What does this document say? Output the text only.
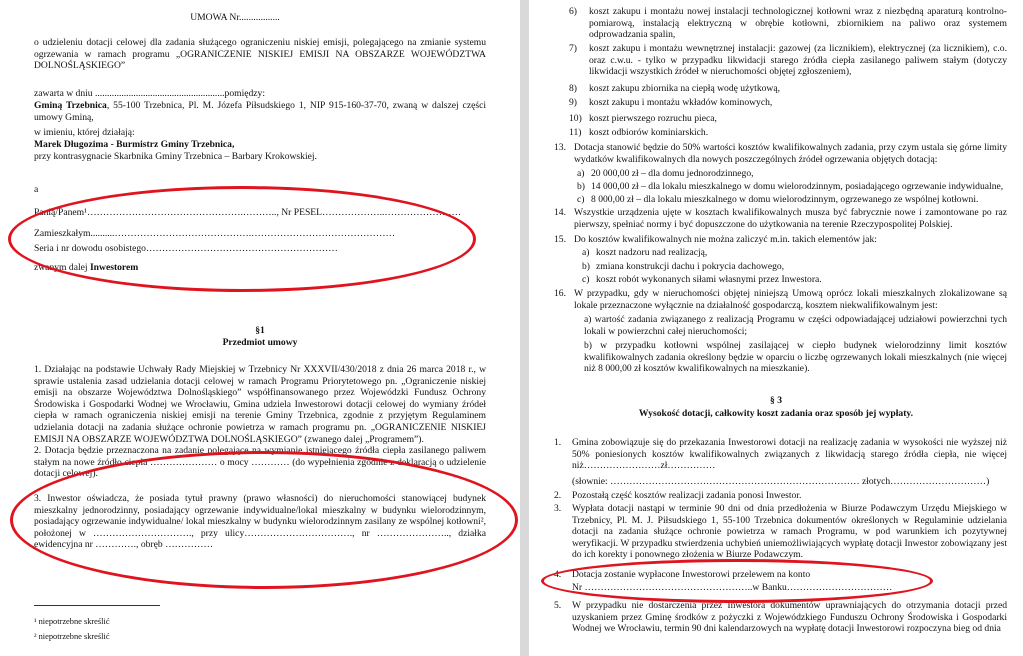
UMOWA Nr.................
o udzieleniu dotacji celowej dla zadania służącego ograniczeniu niskiej emisji, polegającego na zmianie systemu ogrzewania w ramach programu „OGRANICZENIE NISKIEJ EMISJI NA OBSZARZE WOJEWÓDZTWA DOLNOŚLĄSKIEGO”
zawarta w dniu ......................................................pomiędzy:
Gminą Trzebnica, 55-100 Trzebnica, Pl. M. Józefa Piłsudskiego 1, NIP 915-160-37-70, zwaną w dalszej części umowy Gminą,
w imieniu, której działają:
Marek Długozima - Burmistrz Gminy Trzebnica,
przy kontrasygnacie Skarbnika Gminy Trzebnica – Barbary Krokowskiej.
a
Panią/Panem¹………………………………………….……….., Nr PESEL………………..……………………
Zamieszkałym..........…………………………………….………………………………………
Seria i nr dowodu osobistego……………………………………………………
zwanym dalej Inwestorem
§1
Przedmiot umowy
1. Działając na podstawie Uchwały Rady Miejskiej w Trzebnicy Nr XXXVII/430/2018 z dnia 26 marca 2018 r., w sprawie ustalenia zasad udzielania dotacji celowej w ramach Programu Priorytetowego pn. „Ograniczenie niskiej emisji na obszarze Województwa Dolnośląskiego” współfinansowanego przez Wojewódzki Fundusz Ochrony Środowiska i Gospodarki Wodnej we Wrocławiu, Gmina udziela Inwestorowi dotacji celowej do wymiany źródeł ciepła w ramach ograniczenia niskiej emisji na terenie Gminy Trzebnica, zgodnie z przyjętym Regulaminem udzielania dotacji na zadania służące ochronie powietrza w ramach programu pn. „OGRANICZENIE NISKIEJ EMISJI NA OBSZARZE WOJEWÓDZTWA DOLNOŚLĄSKIEGO” (zwanego dalej „Programem”).
2. Dotacja będzie przeznaczona na zadanie polegające na wymianie istniejącego źródła ciepła zasilanego paliwem stałym na nowe źródło ciepła ………………… o mocy ………… (do wypełnienia zgodnie z deklaracją o udzielenie dotacji celowej).
3. Inwestor oświadcza, że posiada tytuł prawny (prawo własności) do nieruchomości stanowiącej budynek mieszkalny jednorodzinny, posiadający ogrzewanie indywidualne/lokal mieszkalny w budynku wielorodzinnym, posiadający ogrzewanie indywidualne/ lokal mieszkalny w budynku wielorodzinnym zasilany ze wspólnej kotłowni², położonej w …………………………., przy ulicy……………………………., nr ………………….., działka ewidencyjna nr …………., obręb ……………
¹ niepotrzebne skreślić
² niepotrzebne skreślić
6) koszt zakupu i montażu nowej instalacji technologicznej kotłowni wraz z niezbędną aparaturą kontrolno-pomiarową, instalacją elektryczną w obrębie kotłowni, zbiornikiem na paliwo oraz systemem odprowadzania spalin,
7) koszt zakupu i montażu wewnętrznej instalacji: gazowej (za licznikiem), elektrycznej (za licznikiem), c.o. oraz c.w.u. - tylko w przypadku likwidacji starego źródła ciepła zasilanego paliwem stałym (dotyczy likwidacji wszystkich źródeł w nieruchomości objętej zgłoszeniem),
8) koszt zakupu zbiornika na ciepłą wodę użytkową,
9) koszt zakupu i montażu wkładów kominowych,
10) koszt pierwszego rozruchu pieca,
11) koszt odbiorów kominiarskich.
13. Dotacja stanowić będzie do 50% wartości kosztów kwalifikowalnych zadania, przy czym ustala się górne limity wydatków kwalifikowalnych dla nowych poszczególnych źródeł ogrzewania objętych dotacją:
a) 20 000,00 zł – dla domu jednorodzinnego,
b) 14 000,00 zł – dla lokalu mieszkalnego w domu wielorodzinnym, posiadającego ogrzewanie indywidualne,
c) 8 000,00 zł – dla lokalu mieszkalnego w domu wielorodzinnym, ogrzewanego ze wspólnej kotłowni.
14. Wszystkie urządzenia ujęte w kosztach kwalifikowalnych musza być fabrycznie nowe i zamontowane po raz pierwszy, spełniać normy i być dopuszczone do użytkowania na terenie Rzeczypospolitej Polskiej.
15. Do kosztów kwalifikowalnych nie można zaliczyć m.in. takich elementów jak:
a) koszt nadzoru nad realizacją,
b) zmiana konstrukcji dachu i pokrycia dachowego,
c) koszt robót wykonanych siłami własnymi przez Inwestora.
16. W przypadku, gdy w nieruchomości objętej niniejszą Umową oprócz lokali mieszkalnych zlokalizowane są lokale przeznaczone wyłącznie na działalność gospodarczą, kosztem niekwalifikowalnym jest:
a) wartość zadania związanego z realizacją Programu w części odpowiadającej udziałowi powierzchni tych lokali w powierzchni całej nieruchomości;
b) w przypadku kotłowni wspólnej zasilającej w ciepło budynek wielorodzinny limit kosztów kwalifikowalnych zadania określony będzie w oparciu o liczbę ogrzewanych lokali mieszkalnych (nie więcej niż 8 000,00 zł kosztów kwalifikowalnych na mieszkanie).
§ 3
Wysokość dotacji, całkowity koszt zadania oraz sposób jej wypłaty.
1. Gmina zobowiązuje się do przekazania Inwestorowi dotacji na realizację zadania w wysokości nie wyższej niż 50% poniesionych kosztów kwalifikowalnych związanych z likwidacją starego źródła ciepła, nie więcej niż……………………zł……………
(słownie: …………………………………………………………………… złotych…………………………)
2. Pozostałą część kosztów realizacji zadania ponosi Inwestor.
3. Wypłata dotacji nastąpi w terminie 90 dni od dnia przedłożenia w Biurze Podawczym Urzędu Miejskiego w Trzebnicy, Pl. M. J. Piłsudskiego 1, 55-100 Trzebnica dokumentów określonych w Regulaminie udzielania dotacji na zadania służące ochronie powietrza w ramach Programu, w pod warunkiem ich pozytywnej weryfikacji. W przypadku stwierdzenia uchybień uniemożliwiających wypłatę dotacji Inwestor zobowiązany jest do ich korekty i ponownego złożenia w Biurze Podawczym.
4. Dotacja zostanie wypłacone Inwestorowi przelewem na konto
Nr ……………………………………………..w Banku……………………………
5. W przypadku nie dostarczenia przez Inwestora dokumentów uprawniających do otrzymania dotacji przed uzyskaniem przez Gminę środków z pożyczki z Wojewódzkiego Funduszu Ochrony Środowiska i Gospodarki Wodnej we Wrocławiu, termin 90 dni kalendarzowych na wypłatę dotacji Inwestorowi rozpoczyna bieg od dnia
